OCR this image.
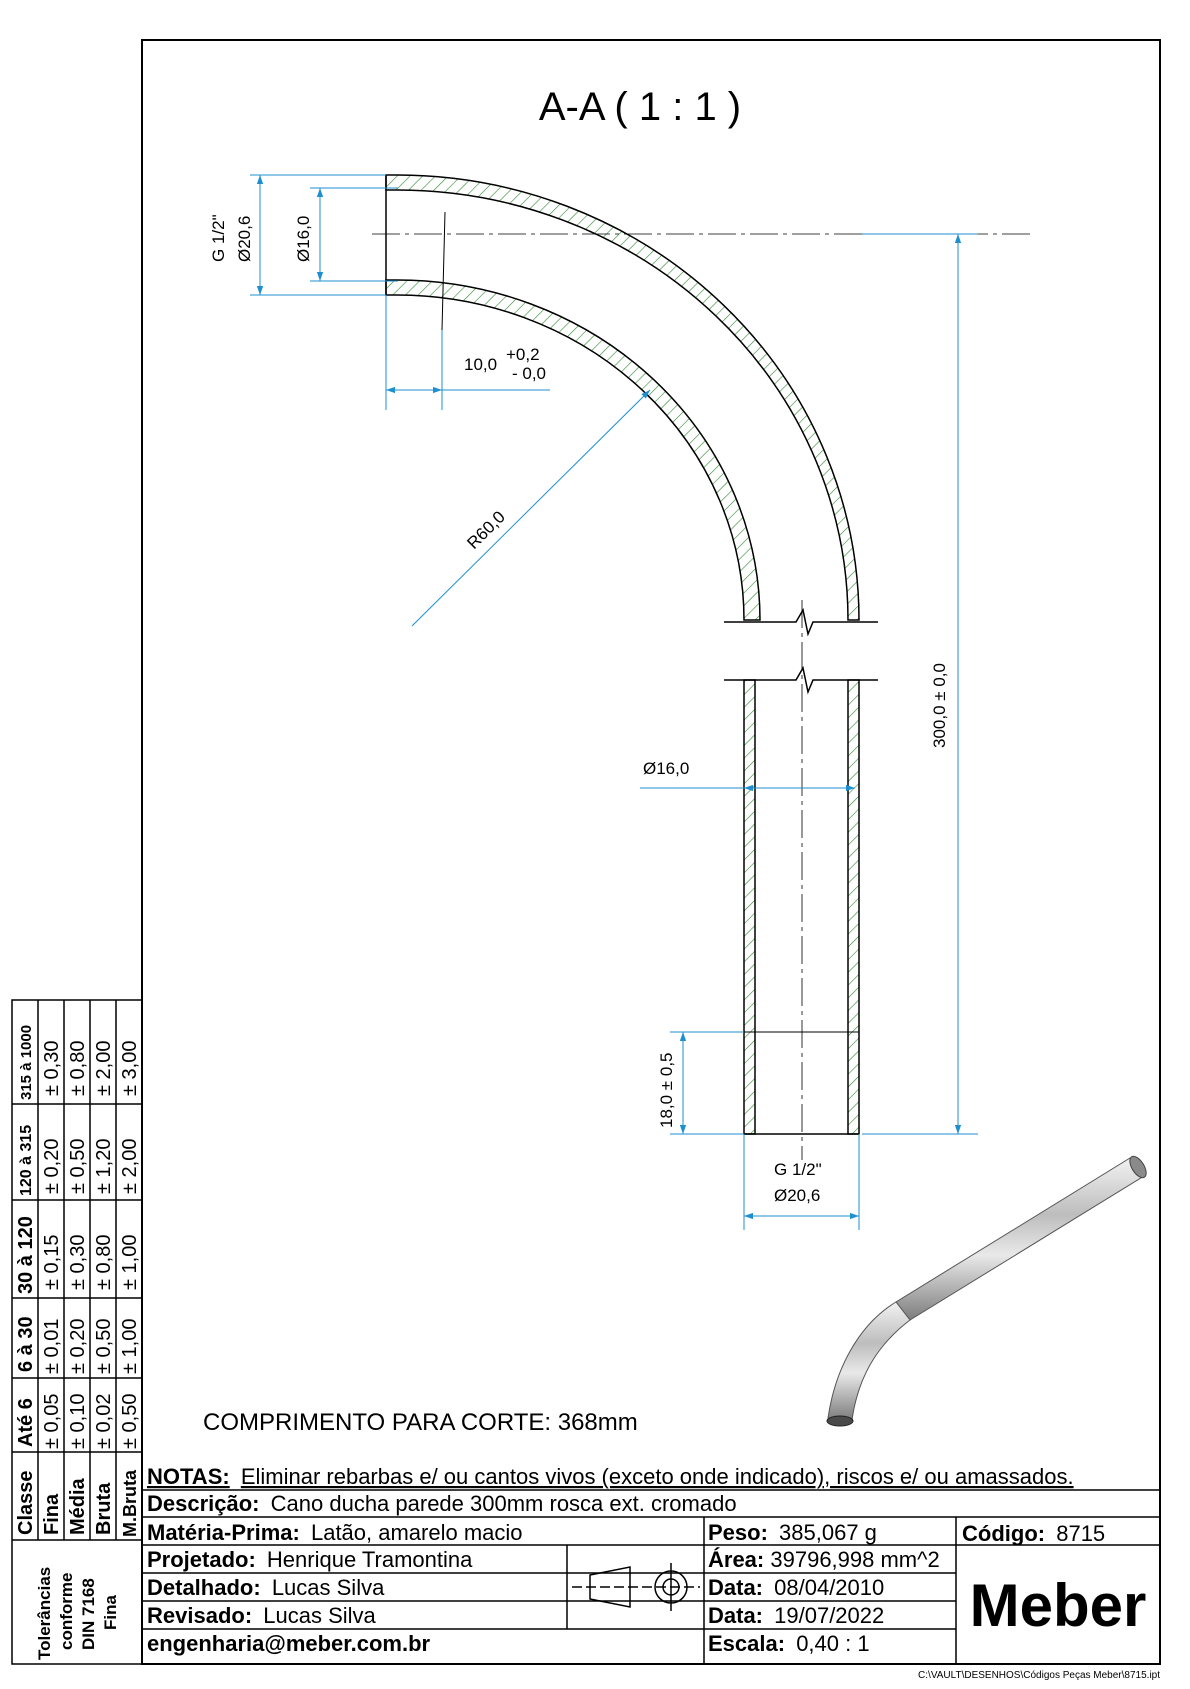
A-A ( 1 : 1 )
G 1/2" Ø20,6 Ø16,0
10,0
+0,2
- 0,0
R60,0
300,0 ± 0,0
Ø16,0
18,0 ± 0,5
G 1/2"
Ø20,6
COMPRIMENTO PARA CORTE: 368mm
Classe
Até 6
6 à 30
30 à 120
120 à 315
315 à 1000
Fina
± 0,05
± 0,01
± 0,15
± 0,20
± 0,30
Média
± 0,10
± 0,20
± 0,30
± 0,50
± 0,80
Bruta
± 0,02
± 0,50
± 0,80
± 1,20
± 2,00
M.Bruta
± 0,50
± 1,00
± 1,00
± 2,00
± 3,00
Tolerâncias conforme DIN 7168 Fina
NOTAS: Eliminar rebarbas e/ ou cantos vivos (exceto onde indicado), riscos e/ ou amassados.
Descrição: Cano ducha parede 300mm rosca ext. cromado
Matéria-Prima: Latão, amarelo macio
Projetado: Henrique Tramontina
Detalhado: Lucas Silva
Revisado: Lucas Silva
engenharia@meber.com.br
Peso: 385,067 g
Área: 39796,998 mm^2
Data: 08/04/2010
Data: 19/07/2022
Escala: 0,40 : 1
Código: 8715
Meber
C:\VAULT\DESENHOS\Códigos Peças Meber\8715.ipt
